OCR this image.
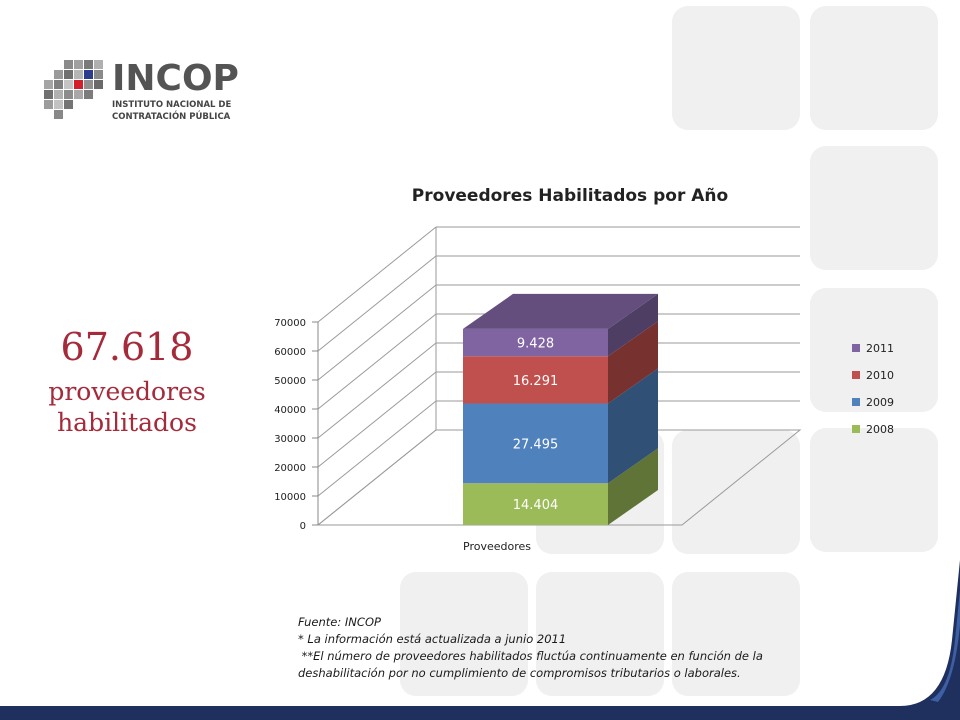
INCOP
INSTITUTO NACIONAL DE
CONTRATACIÓN PÚBLICA
67.618
proveedores
habilitados
Proveedores Habilitados por Año
0
10000
20000
30000
40000
50000
60000
70000
Proveedores
14.404
27.495
16.291
9.428	2011
2010
2009
2008
Fuente: INCOP
* La información está actualizada a junio 2011
**El número de proveedores habilitados fluctúa continuamente en función de la
deshabilitación por no cumplimiento de compromisos tributarios o laborales.
